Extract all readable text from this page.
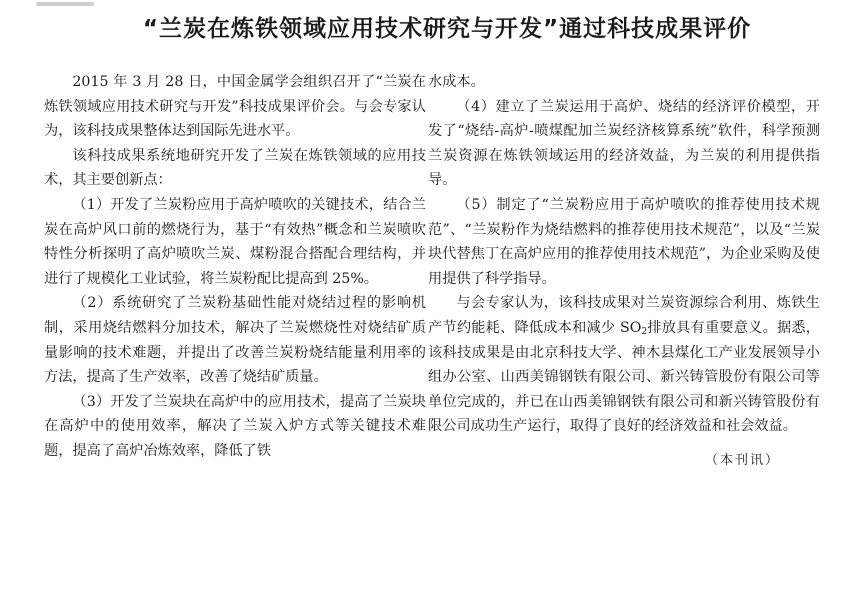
“兰炭在炼铁领域应用技术研究与开发”通过科技成果评价

2015 年 3 月 28 日，中国金属学会组织召开了“兰炭在炼铁领域应用技术研究与开发”科技成果评价会。与会专家认为，该科技成果整体达到国际先进水平。

该科技成果系统地研究开发了兰炭在炼铁领域的应用技术，其主要创新点：

（1）开发了兰炭粉应用于高炉喷吹的关键技术，结合兰炭在高炉风口前的燃烧行为，基于“有效热”概念和兰炭喷吹特性分析探明了高炉喷吹兰炭、煤粉混合搭配合理结构，并进行了规模化工业试验，将兰炭粉配比提高到 25%。

（2）系统研究了兰炭粉基础性能对烧结过程的影响机制，采用烧结燃料分加技术，解决了兰炭燃烧性对烧结矿质量影响的技术难题，并提出了改善兰炭粉烧结能量利用率的方法，提高了生产效率，改善了烧结矿质量。

（3）开发了兰炭块在高炉中的应用技术，提高了兰炭块在高炉中的使用效率，解决了兰炭入炉方式等关键技术难题，提高了高炉冶炼效率，降低了铁

水成本。

（4）建立了兰炭运用于高炉、烧结的经济评价模型，开发了“烧结-高炉-喷煤配加兰炭经济核算系统”软件，科学预测兰炭资源在炼铁领域运用的经济效益，为兰炭的利用提供指导。

（5）制定了“兰炭粉应用于高炉喷吹的推荐使用技术规范”、“兰炭粉作为烧结燃料的推荐使用技术规范”，以及“兰炭块代替焦丁在高炉应用的推荐使用技术规范”，为企业采购及使用提供了科学指导。

与会专家认为，该科技成果对兰炭资源综合利用、炼铁生产节约能耗、降低成本和减少 $SO_2$排放具有重要意义。据悉，该科技成果是由北京科技大学、神木县煤化工产业发展领导小组办公室、山西美锦钢铁有限公司、新兴铸管股份有限公司等单位完成的，并已在山西美锦钢铁有限公司和新兴铸管股份有限公司成功生产运行，取得了良好的经济效益和社会效益。

（本刊讯）
